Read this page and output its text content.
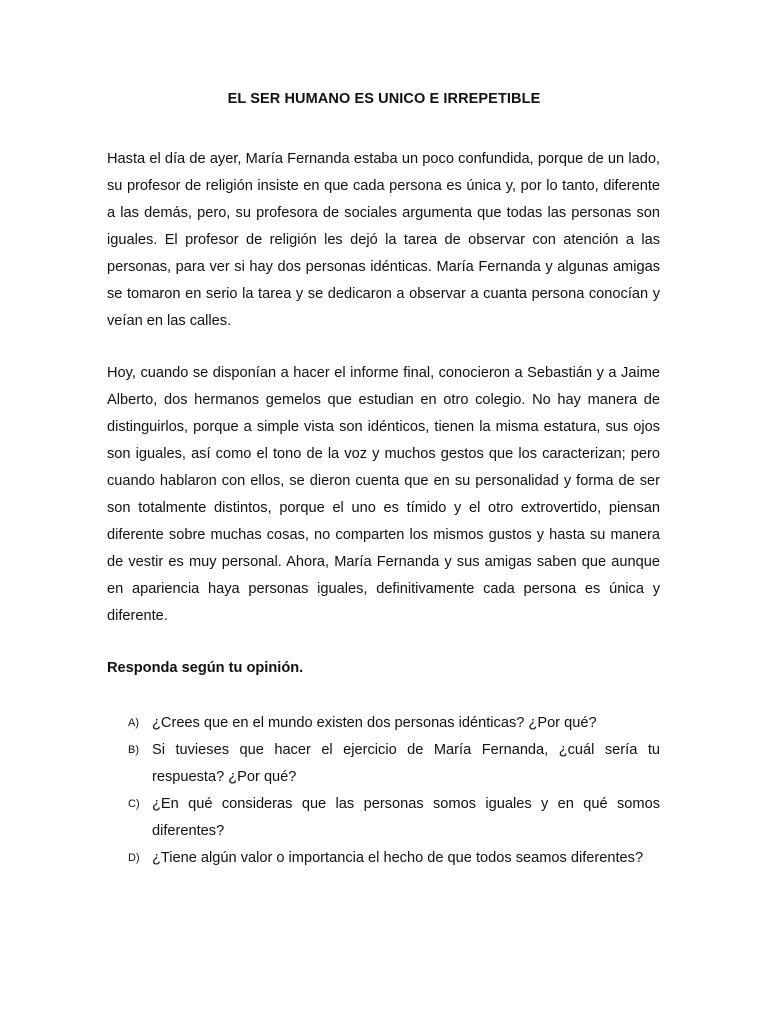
EL SER HUMANO ES UNICO E IRREPETIBLE

Hasta el día de ayer, María Fernanda estaba un poco confundida, porque de un lado, su profesor de religión insiste en que cada persona es única y, por lo tanto, diferente a las demás, pero, su profesora de sociales argumenta que todas las personas son iguales. El profesor de religión les dejó la tarea de observar con atención a las personas, para ver si hay dos personas idénticas. María Fernanda y algunas amigas se tomaron en serio la tarea y se dedicaron a observar a cuanta persona conocían y veían en las calles.

Hoy, cuando se disponían a hacer el informe final, conocieron a Sebastián y a Jaime Alberto, dos hermanos gemelos que estudian en otro colegio. No hay manera de distinguirlos, porque a simple vista son idénticos, tienen la misma estatura, sus ojos son iguales, así como el tono de la voz y muchos gestos que los caracterizan; pero cuando hablaron con ellos, se dieron cuenta que en su personalidad y forma de ser son totalmente distintos, porque el uno es tímido y el otro extrovertido, piensan diferente sobre muchas cosas, no comparten los mismos gustos y hasta su manera de vestir es muy personal. Ahora, María Fernanda y sus amigas saben que aunque en apariencia haya personas iguales, definitivamente cada persona es única y diferente.

Responda según tu opinión.

A) ¿Crees que en el mundo existen dos personas idénticas? ¿Por qué?
B) Si tuvieses que hacer el ejercicio de María Fernanda, ¿cuál sería tu respuesta? ¿Por qué?
C) ¿En qué consideras que las personas somos iguales y en qué somos diferentes?
D) ¿Tiene algún valor o importancia el hecho de que todos seamos diferentes?
